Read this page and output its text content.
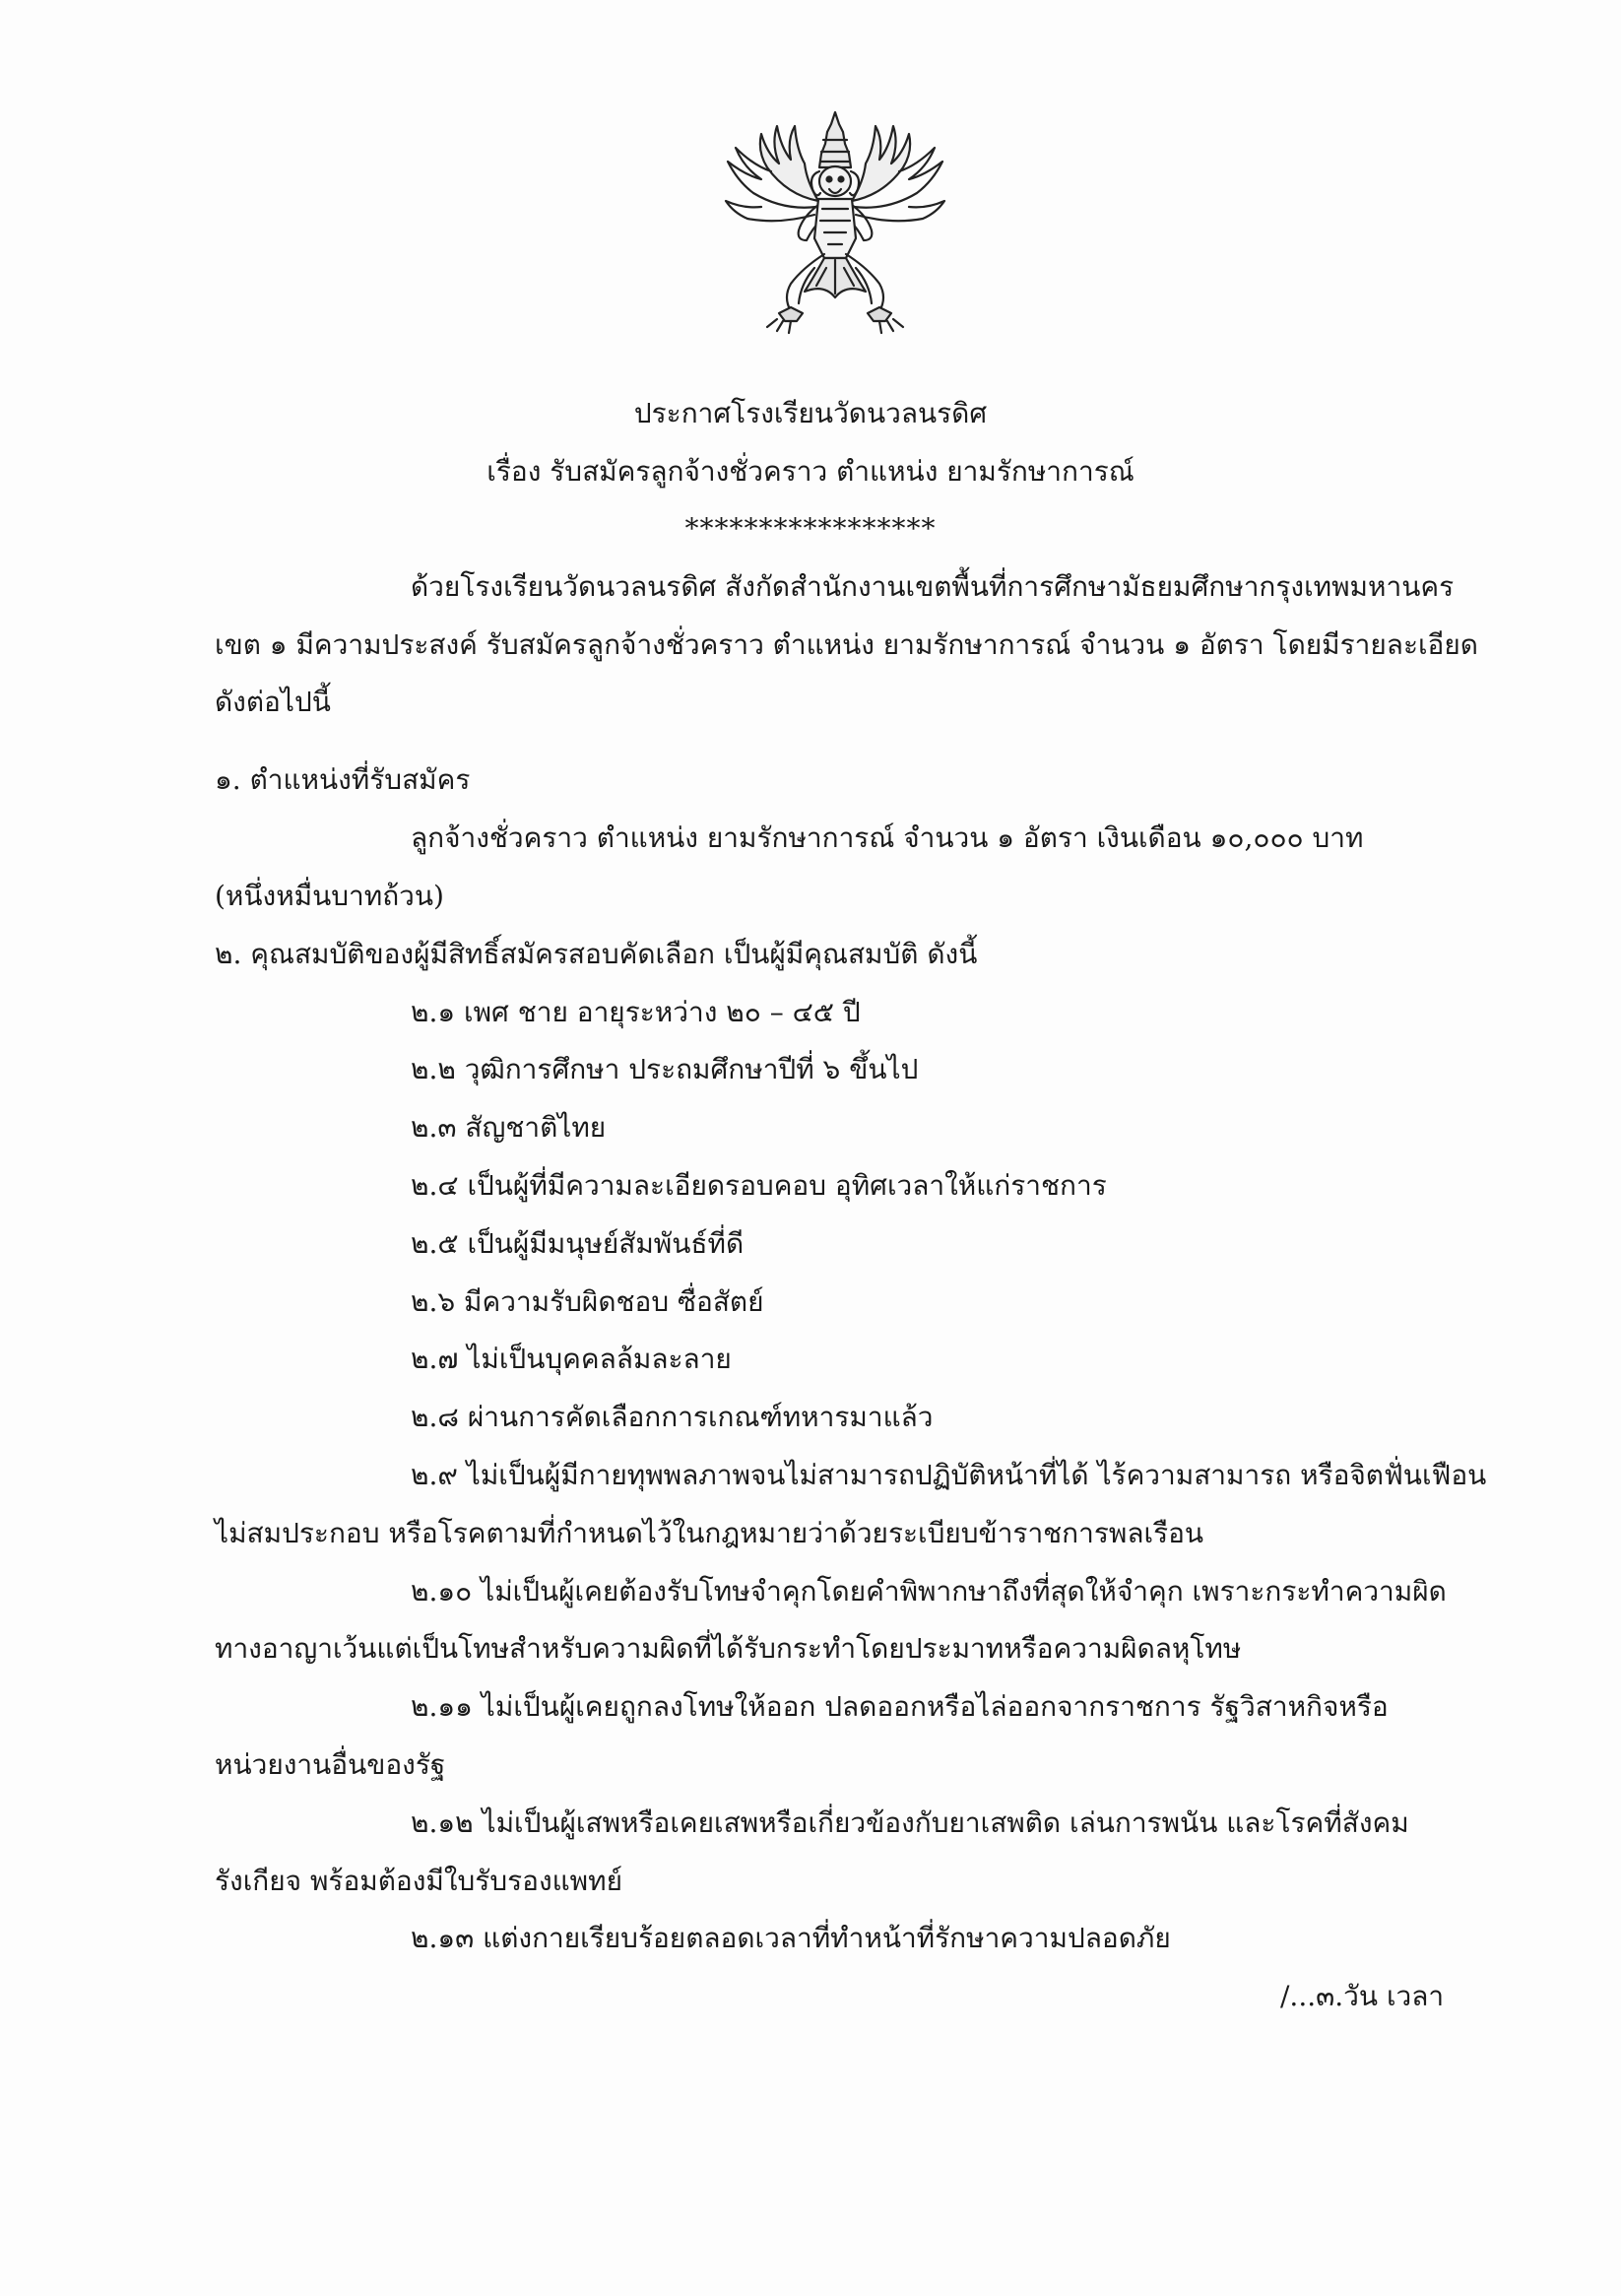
ประกาศโรงเรียนวัดนวลนรดิศ
เรื่อง รับสมัครลูกจ้างชั่วคราว ตำแหน่ง ยามรักษาการณ์
*****************
ด้วยโรงเรียนวัดนวลนรดิศ สังกัดสำนักงานเขตพื้นที่การศึกษามัธยมศึกษากรุงเทพมหานคร
เขต ๑ มีความประสงค์ รับสมัครลูกจ้างชั่วคราว ตำแหน่ง ยามรักษาการณ์ จำนวน ๑ อัตรา โดยมีรายละเอียด
ดังต่อไปนี้
๑. ตำแหน่งที่รับสมัคร
ลูกจ้างชั่วคราว ตำแหน่ง ยามรักษาการณ์ จำนวน ๑ อัตรา เงินเดือน ๑๐,๐๐๐ บาท
(หนึ่งหมื่นบาทถ้วน)
๒. คุณสมบัติของผู้มีสิทธิ์สมัครสอบคัดเลือก เป็นผู้มีคุณสมบัติ ดังนี้
๒.๑ เพศ ชาย อายุระหว่าง ๒๐ – ๔๕ ปี
๒.๒ วุฒิการศึกษา ประถมศึกษาปีที่ ๖ ขึ้นไป
๒.๓ สัญชาติไทย
๒.๔ เป็นผู้ที่มีความละเอียดรอบคอบ อุทิศเวลาให้แก่ราชการ
๒.๕ เป็นผู้มีมนุษย์สัมพันธ์ที่ดี
๒.๖ มีความรับผิดชอบ ซื่อสัตย์
๒.๗ ไม่เป็นบุคคลล้มละลาย
๒.๘ ผ่านการคัดเลือกการเกณฑ์ทหารมาแล้ว
๒.๙ ไม่เป็นผู้มีกายทุพพลภาพจนไม่สามารถปฏิบัติหน้าที่ได้ ไร้ความสามารถ หรือจิตฟั่นเฟือน
ไม่สมประกอบ หรือโรคตามที่กำหนดไว้ในกฎหมายว่าด้วยระเบียบข้าราชการพลเรือน
๒.๑๐ ไม่เป็นผู้เคยต้องรับโทษจำคุกโดยคำพิพากษาถึงที่สุดให้จำคุก เพราะกระทำความผิด
ทางอาญาเว้นแต่เป็นโทษสำหรับความผิดที่ได้รับกระทำโดยประมาทหรือความผิดลหุโทษ
๒.๑๑ ไม่เป็นผู้เคยถูกลงโทษให้ออก ปลดออกหรือไล่ออกจากราชการ รัฐวิสาหกิจหรือ
หน่วยงานอื่นของรัฐ
๒.๑๒ ไม่เป็นผู้เสพหรือเคยเสพหรือเกี่ยวข้องกับยาเสพติด เล่นการพนัน และโรคที่สังคม
รังเกียจ พร้อมต้องมีใบรับรองแพทย์
๒.๑๓ แต่งกายเรียบร้อยตลอดเวลาที่ทำหน้าที่รักษาความปลอดภัย
/...๓.วัน เวลา
